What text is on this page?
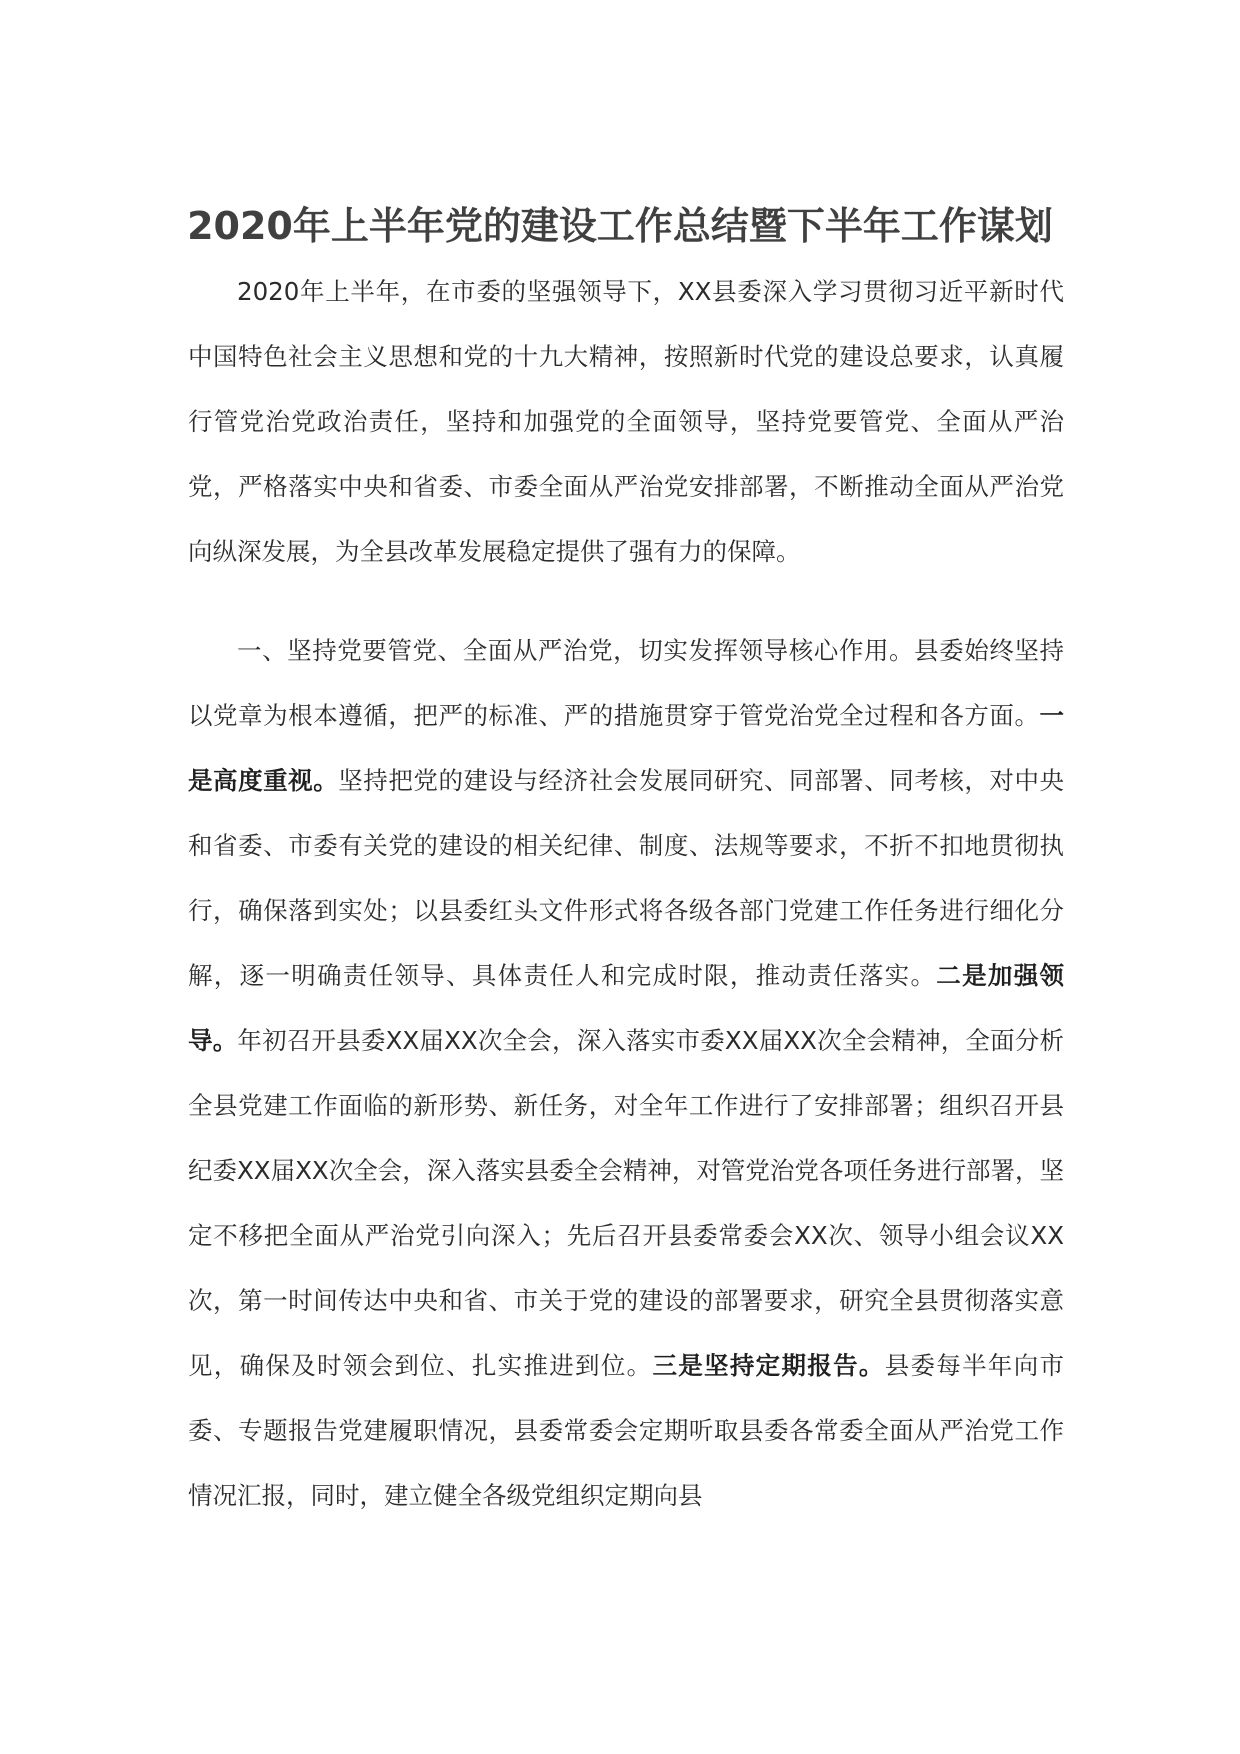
2020年上半年党的建设工作总结暨下半年工作谋划

2020年上半年，在市委的坚强领导下，XX县委深入学习贯彻习近平新时代中国特色社会主义思想和党的十九大精神，按照新时代党的建设总要求，认真履行管党治党政治责任，坚持和加强党的全面领导，坚持党要管党、全面从严治党，严格落实中央和省委、市委全面从严治党安排部署，不断推动全面从严治党向纵深发展，为全县改革发展稳定提供了强有力的保障。

一、坚持党要管党、全面从严治党，切实发挥领导核心作用。县委始终坚持以党章为根本遵循，把严的标准、严的措施贯穿于管党治党全过程和各方面。一是高度重视。坚持把党的建设与经济社会发展同研究、同部署、同考核，对中央和省委、市委有关党的建设的相关纪律、制度、法规等要求，不折不扣地贯彻执行，确保落到实处；以县委红头文件形式将各级各部门党建工作任务进行细化分解，逐一明确责任领导、具体责任人和完成时限，推动责任落实。二是加强领导。年初召开县委XX届XX次全会，深入落实市委XX届XX次全会精神，全面分析全县党建工作面临的新形势、新任务，对全年工作进行了安排部署；组织召开县纪委XX届XX次全会，深入落实县委全会精神，对管党治党各项任务进行部署，坚定不移把全面从严治党引向深入；先后召开县委常委会XX次、领导小组会议XX次，第一时间传达中央和省、市关于党的建设的部署要求，研究全县贯彻落实意见，确保及时领会到位、扎实推进到位。三是坚持定期报告。县委每半年向市委、专题报告党建履职情况，县委常委会定期听取县委各常委全面从严治党工作情况汇报，同时，建立健全各级党组织定期向县
